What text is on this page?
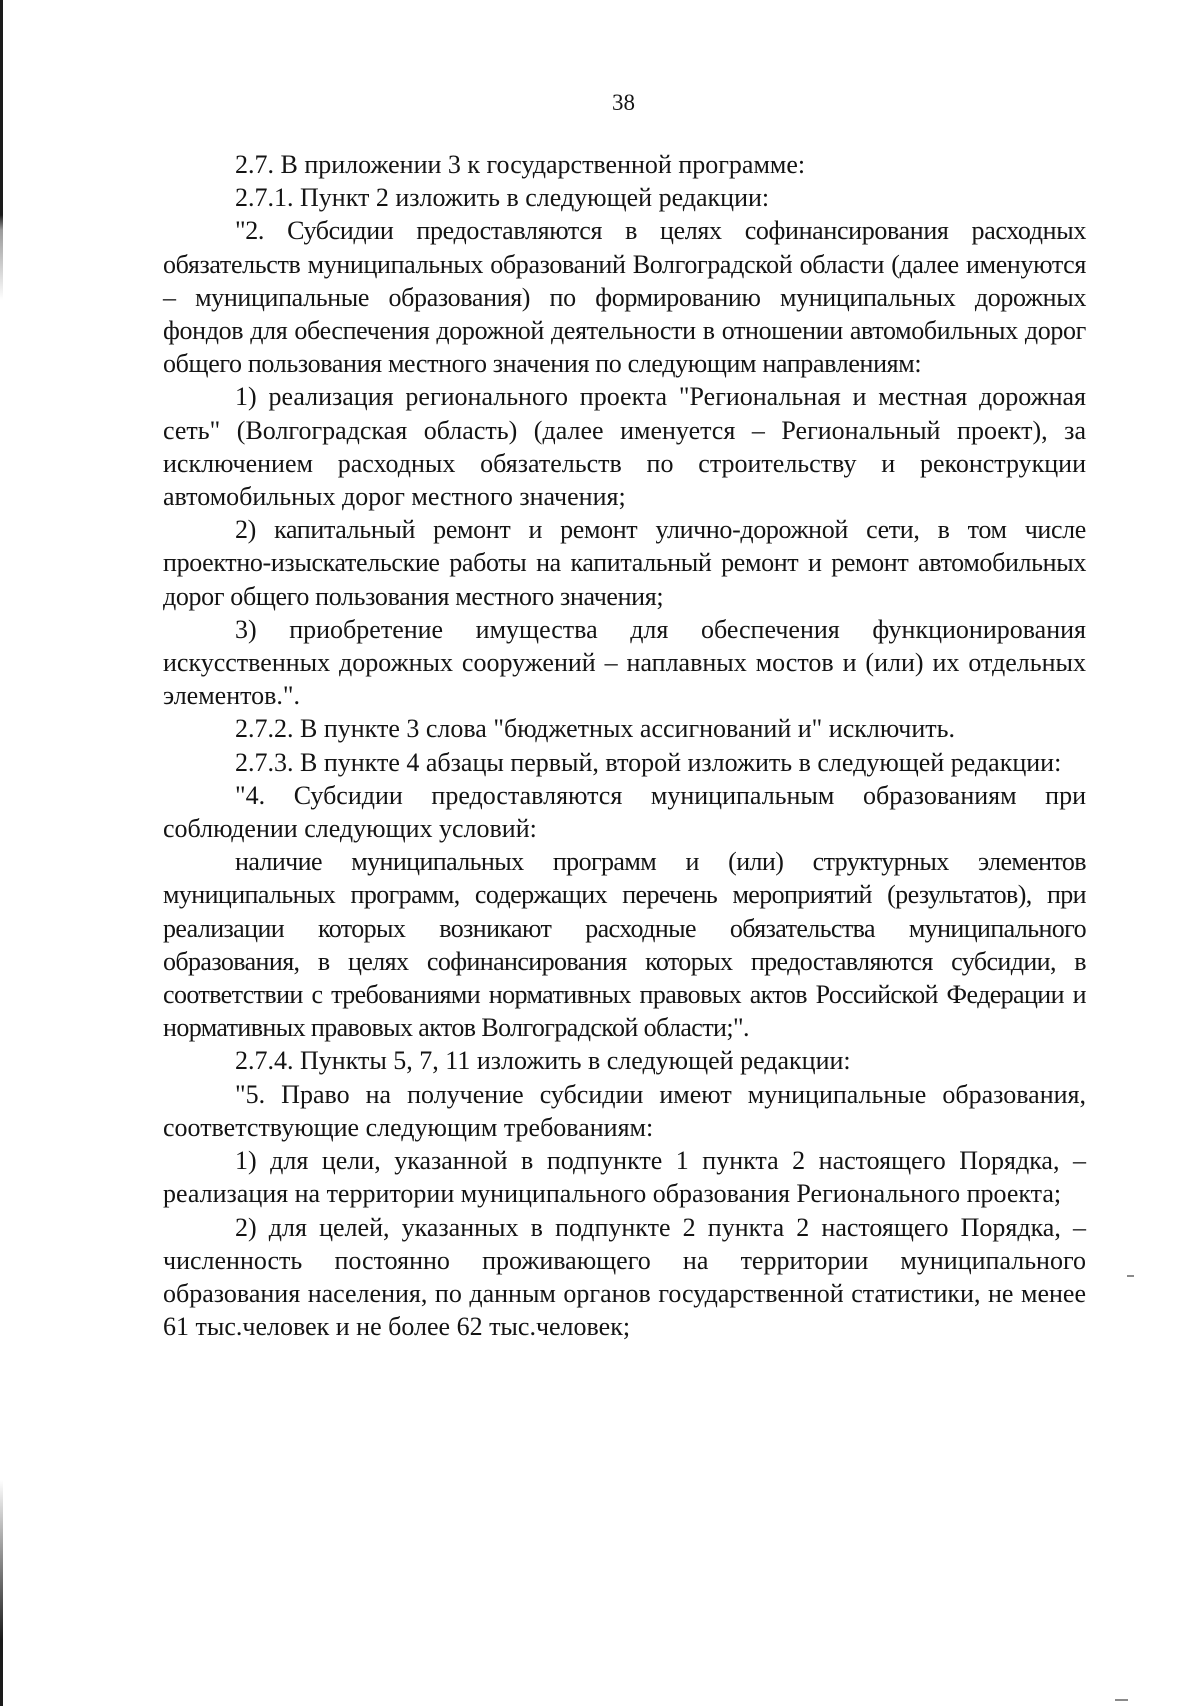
38

2.7. В приложении 3 к государственной программе:

2.7.1. Пункт 2 изложить в следующей редакции:

"2. Субсидии предоставляются в целях софинансирования расходных обязательств муниципальных образований Волгоградской области (далее именуются – муниципальные образования) по формированию муниципальных дорожных фондов для обеспечения дорожной деятельности в отношении автомобильных дорог общего пользования местного значения по следующим направлениям:

1) реализация регионального проекта "Региональная и местная дорожная сеть" (Волгоградская область) (далее именуется – Региональный проект), за исключением расходных обязательств по строительству и реконструкции автомобильных дорог местного значения;

2) капитальный ремонт и ремонт улично-дорожной сети, в том числе проектно-изыскательские работы на капитальный ремонт и ремонт автомобильных дорог общего пользования местного значения;

3) приобретение имущества для обеспечения функционирования искусственных дорожных сооружений – наплавных мостов и (или) их отдельных элементов.".

2.7.2. В пункте 3 слова "бюджетных ассигнований и" исключить.

2.7.3. В пункте 4 абзацы первый, второй изложить в следующей редакции:

"4. Субсидии предоставляются муниципальным образованиям при соблюдении следующих условий:

наличие муниципальных программ и (или) структурных элементов муниципальных программ, содержащих перечень мероприятий (результатов), при реализации которых возникают расходные обязательства муниципального образования, в целях софинансирования которых предоставляются субсидии, в соответствии с требованиями нормативных правовых актов Российской Федерации и нормативных правовых актов Волгоградской области;".

2.7.4. Пункты 5, 7, 11 изложить в следующей редакции:

"5. Право на получение субсидии имеют муниципальные образования, соответствующие следующим требованиям:

1) для цели, указанной в подпункте 1 пункта 2 настоящего Порядка, – реализация на территории муниципального образования Регионального проекта;

2) для целей, указанных в подпункте 2 пункта 2 настоящего Порядка, – численность постоянно проживающего на территории муниципального образования населения, по данным органов государственной статистики, не менее 61 тыс.человек и не более 62 тыс.человек;
